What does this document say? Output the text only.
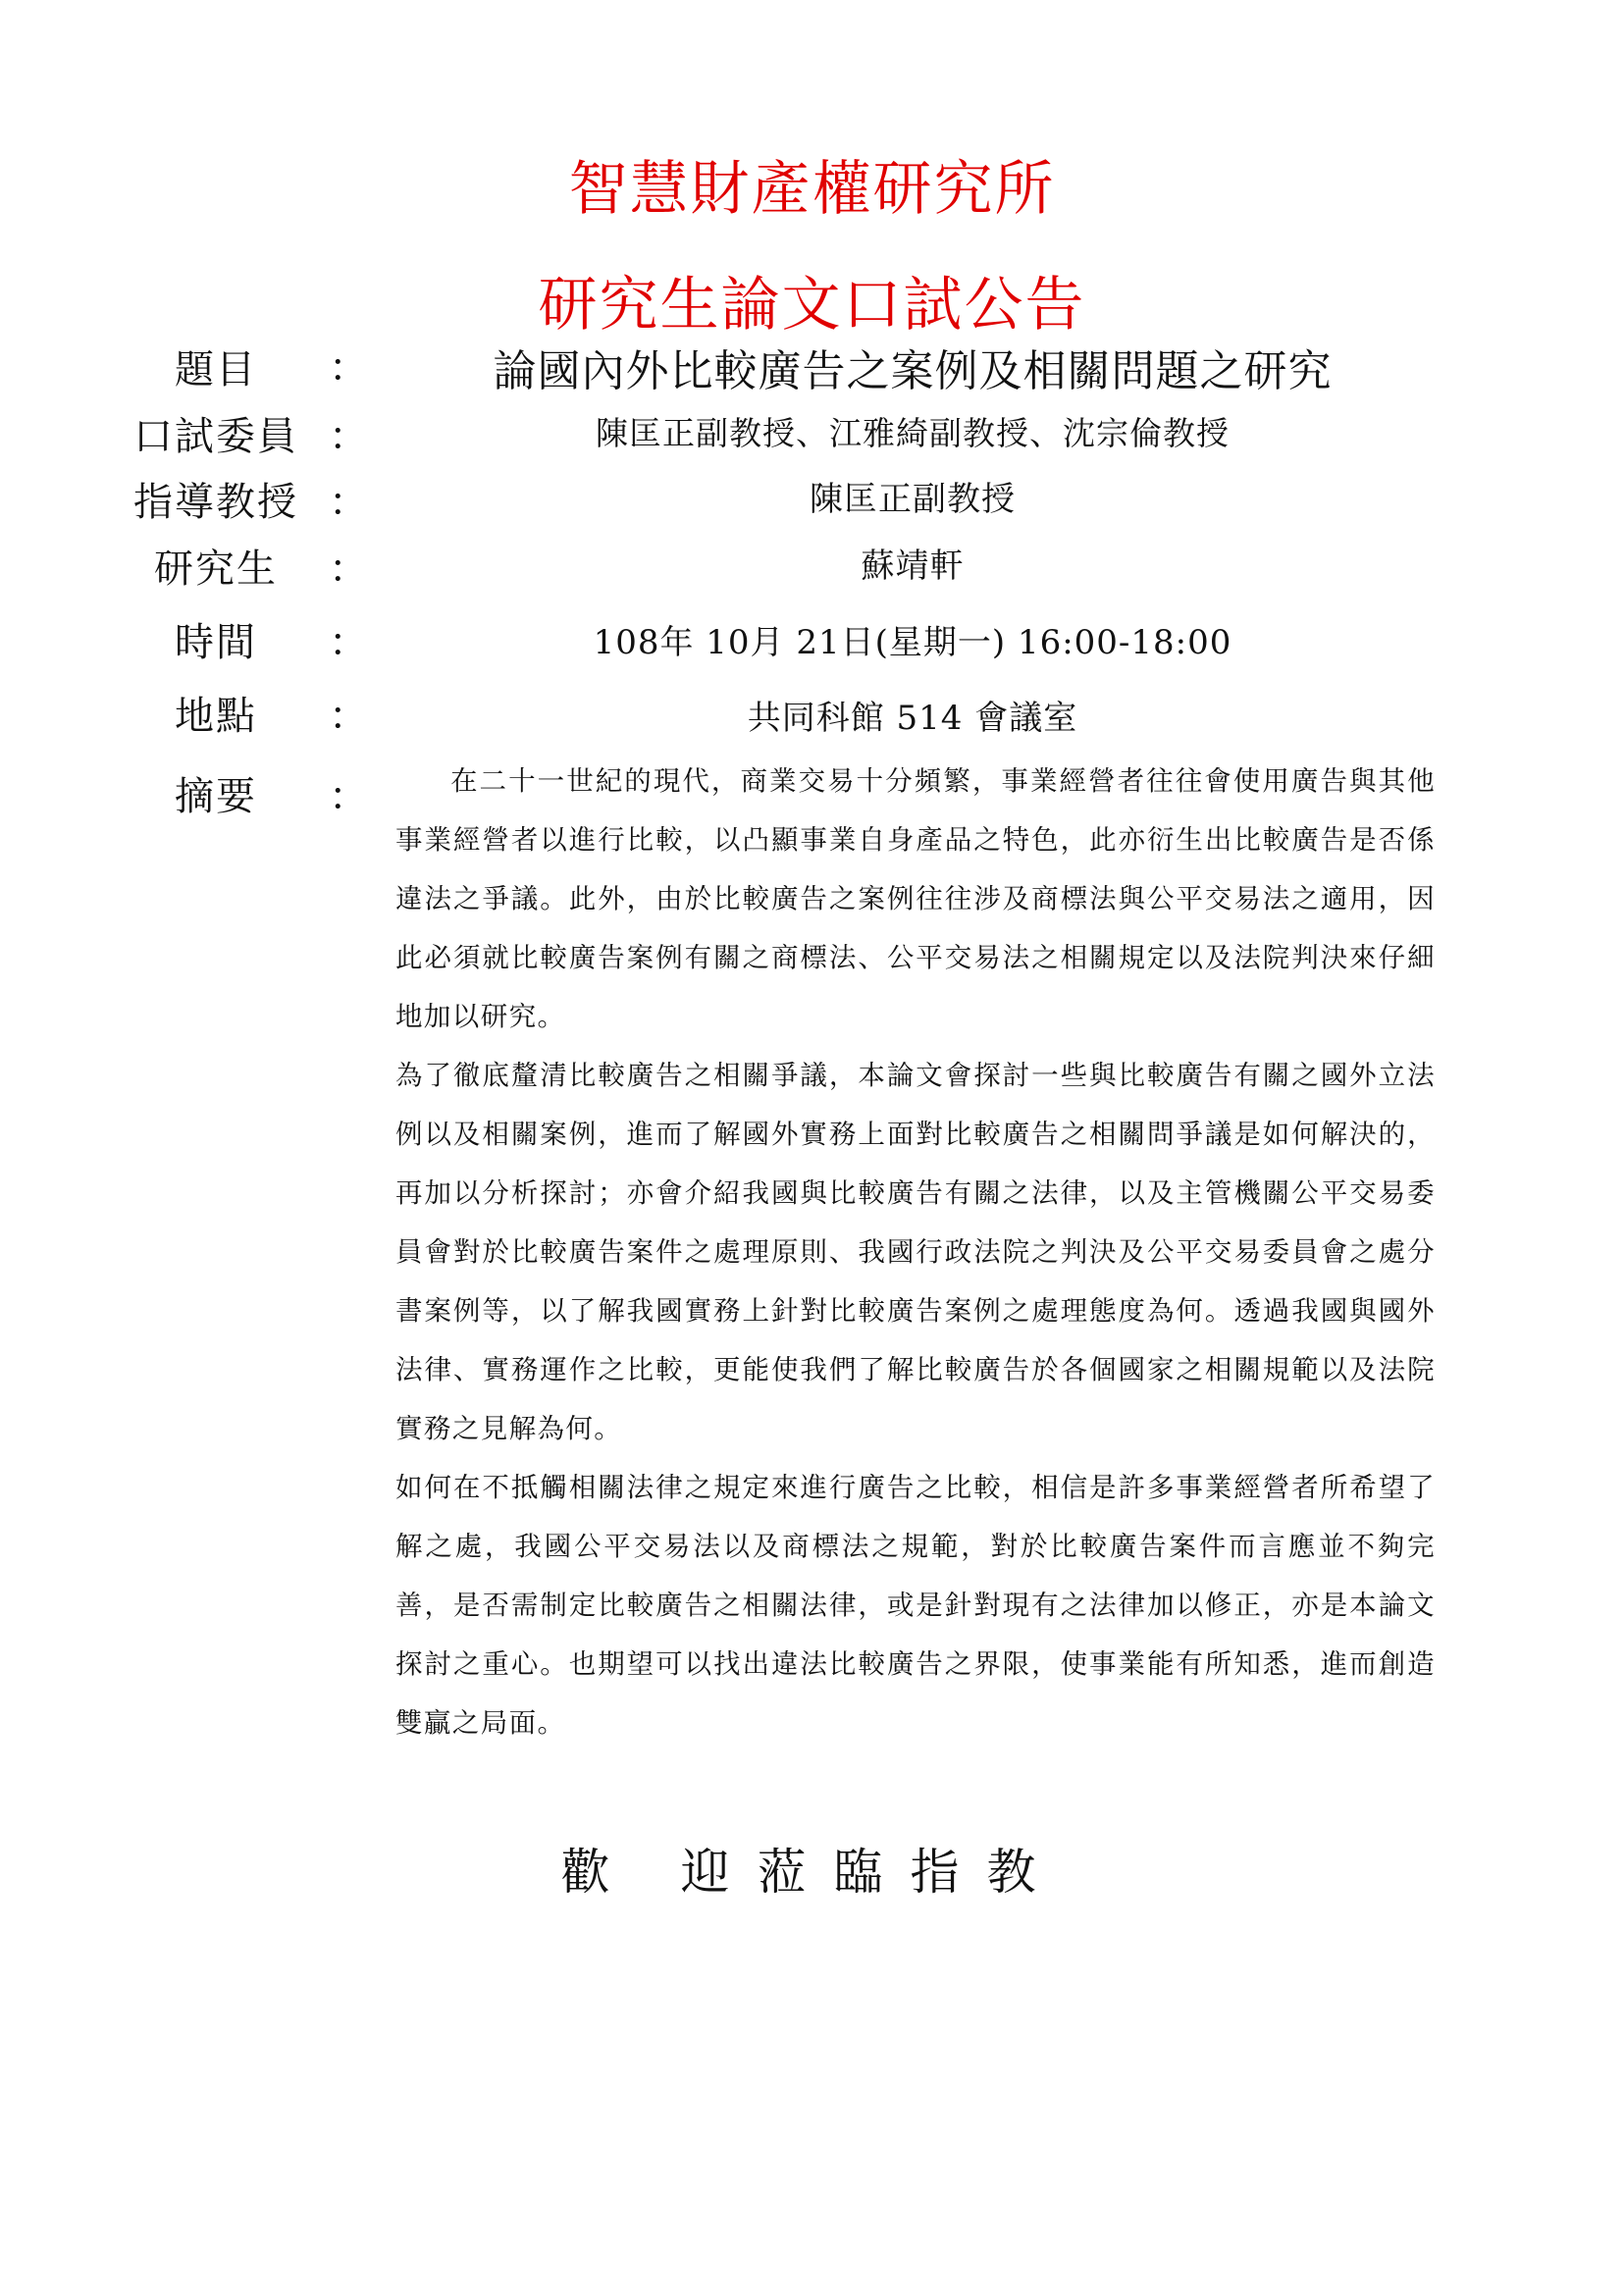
智慧財產權研究所
研究生論文口試公告
題目	：	論國內外比較廣告之案例及相關問題之研究
口試委員 ：	陳匡正副教授、江雅綺副教授、沈宗倫教授
指導教授 ：	陳匡正副教授
研究生	：	蘇靖軒
時間	：	108年 10月 21日(星期一) 16:00-18:00
地點	：	共同科館 514 會議室
摘要	：	在二十一世紀的現代，商業交易十分頻繁，事業經營者往往會使用廣告與其他事業經營者以進行比較，以凸顯事業自身產品之特色，此亦衍生出比較廣告是否係違法之爭議。此外，由於比較廣告之案例往往涉及商標法與公平交易法之適用，因此必須就比較廣告案例有關之商標法、公平交易法之相關規定以及法院判決來仔細地加以研究。

為了徹底釐清比較廣告之相關爭議，本論文會探討一些與比較廣告有關之國外立法例以及相關案例，進而了解國外實務上面對比較廣告之相關問爭議是如何解決的，再加以分析探討；亦會介紹我國與比較廣告有關之法律，以及主管機關公平交易委員會對於比較廣告案件之處理原則、我國行政法院之判決及公平交易委員會之處分書案例等，以了解我國實務上針對比較廣告案例之處理態度為何。透過我國與國外法律、實務運作之比較，更能使我們了解比較廣告於各個國家之相關規範以及法院實務之見解為何。

如何在不抵觸相關法律之規定來進行廣告之比較，相信是許多事業經營者所希望了解之處，我國公平交易法以及商標法之規範，對於比較廣告案件而言應並不夠完善，是否需制定比較廣告之相關法律，或是針對現有之法律加以修正，亦是本論文探討之重心。也期望可以找出違法比較廣告之界限，使事業能有所知悉，進而創造雙贏之局面。

歡 迎蒞臨指教
